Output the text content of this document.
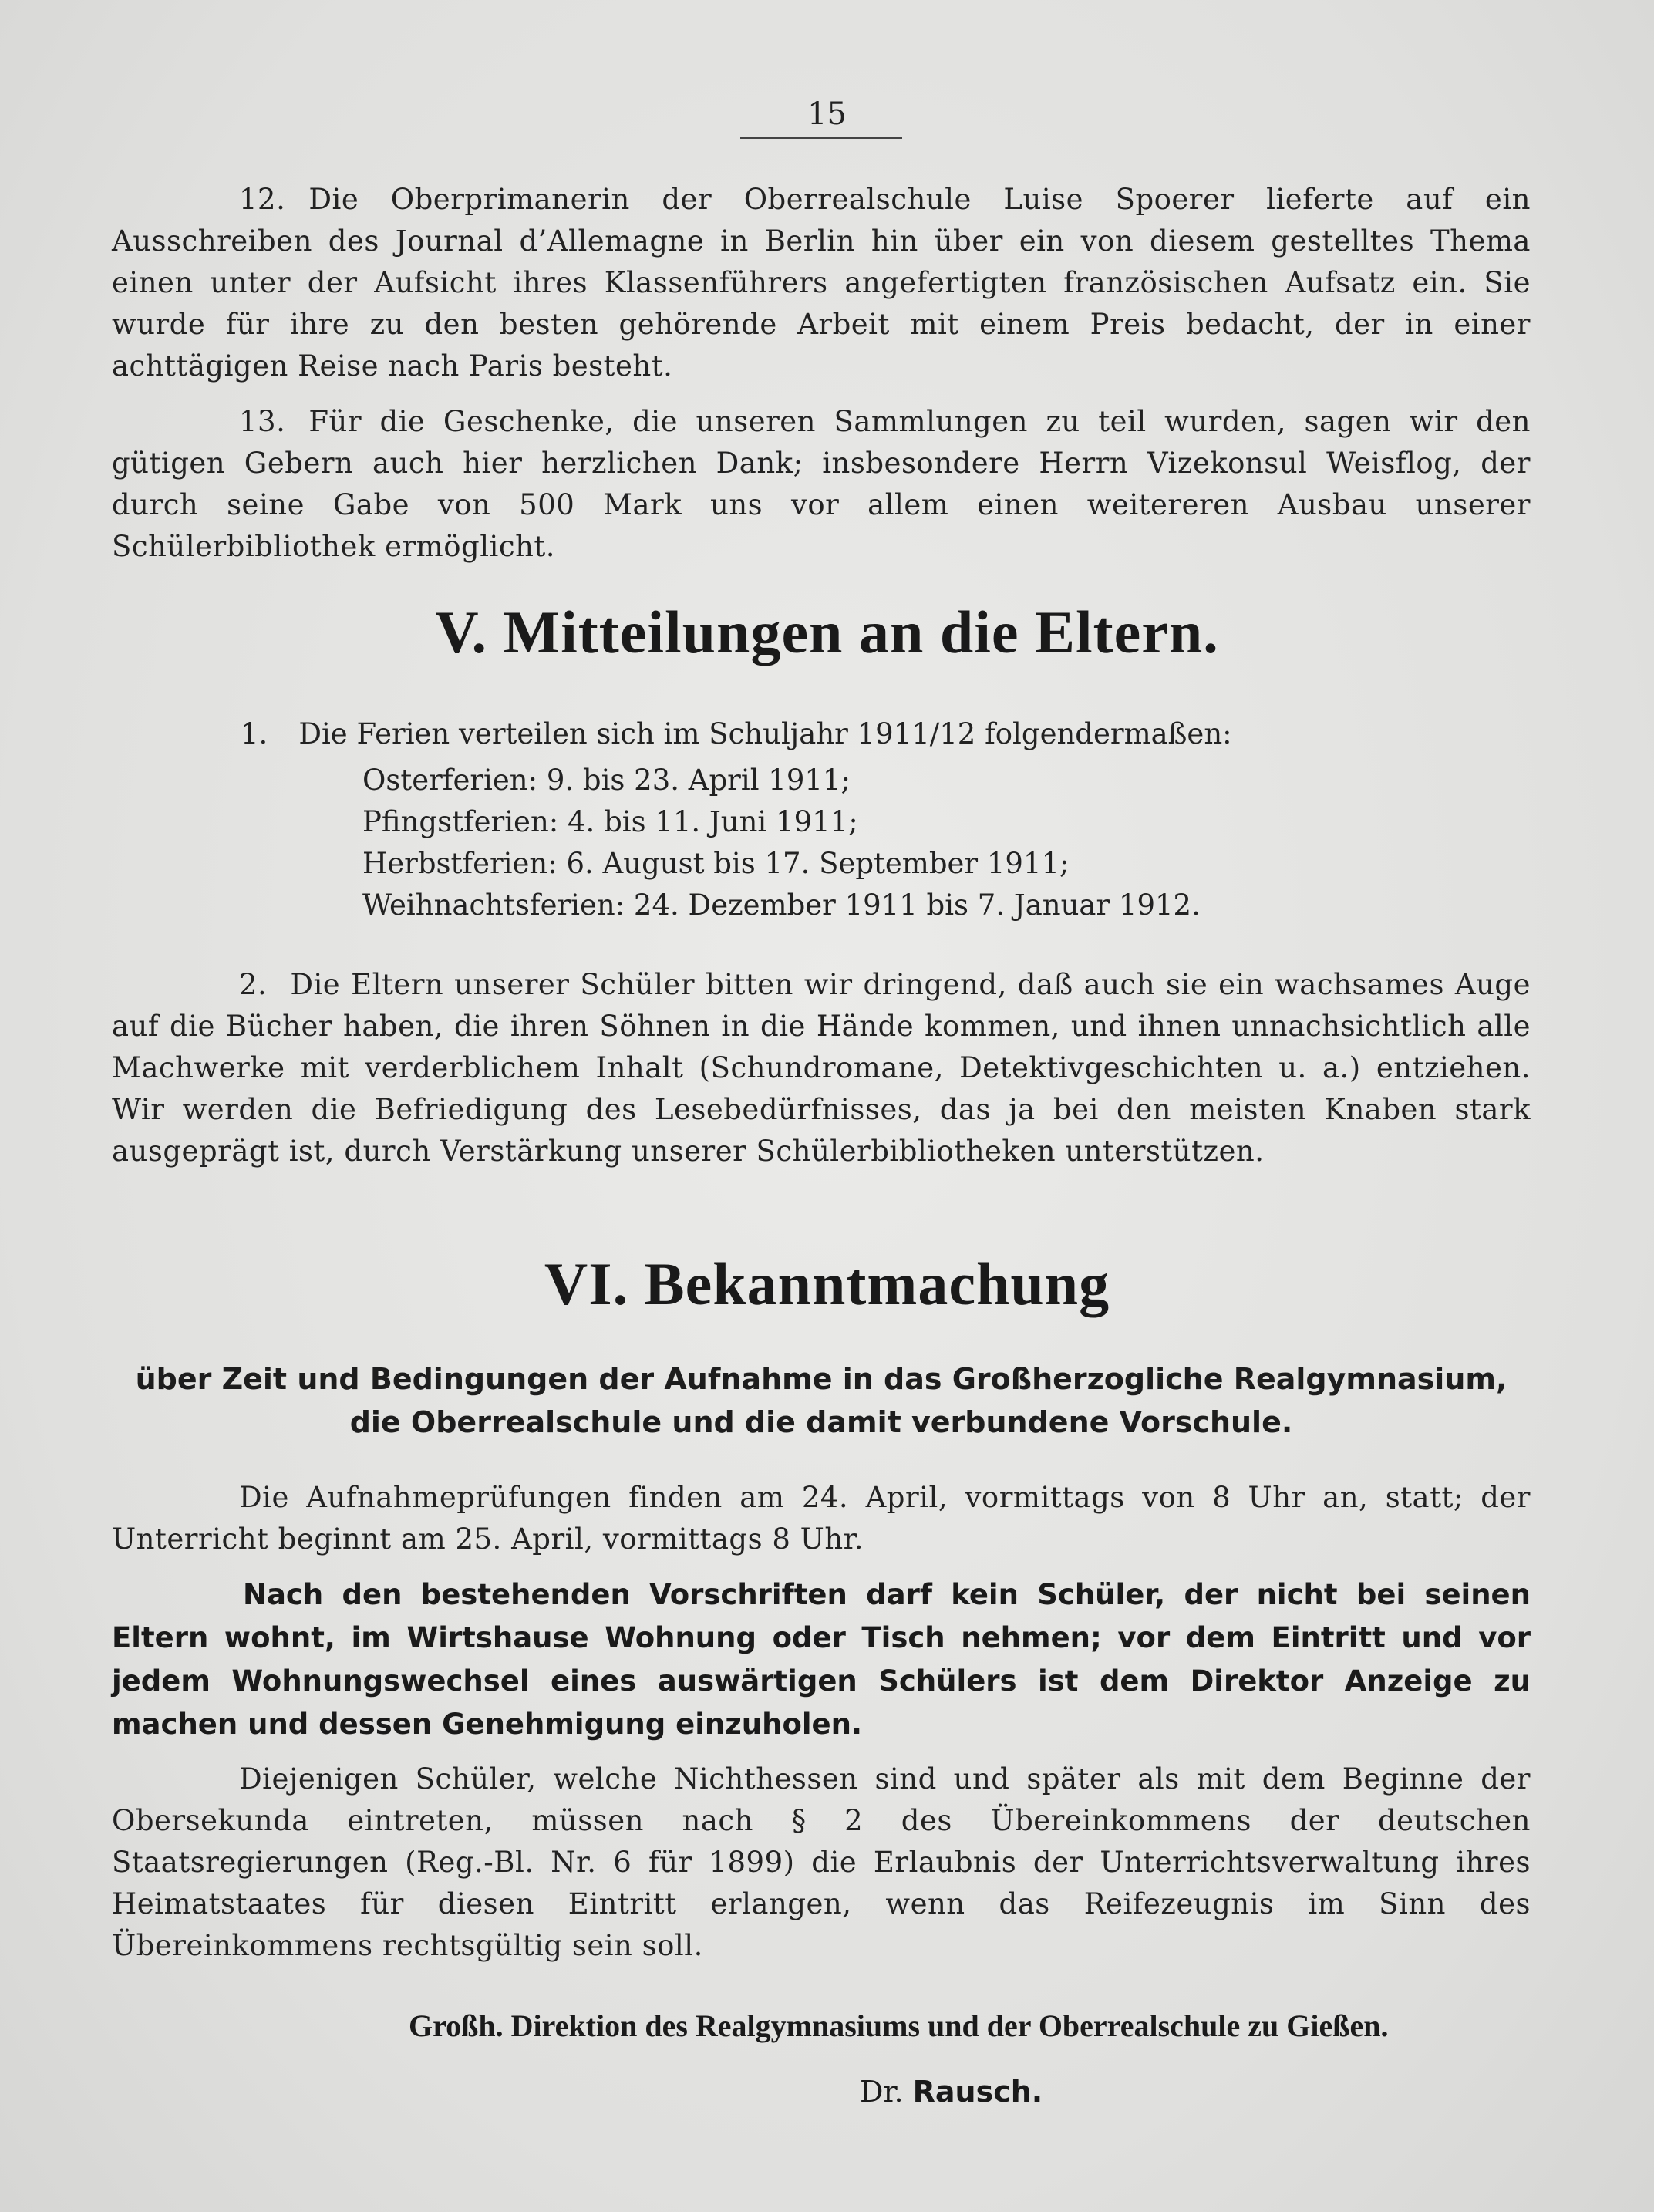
15
12. Die Oberprimanerin der Oberrealschule Luise Spoerer lieferte auf ein Ausschreiben des Journal d’Allemagne in Berlin hin über ein von diesem gestelltes Thema einen unter der Aufsicht ihres Klassenführers angefertigten französischen Aufsatz ein. Sie wurde für ihre zu den besten gehörende Arbeit mit einem Preis bedacht, der in einer achttägigen Reise nach Paris besteht.
13. Für die Geschenke, die unseren Sammlungen zu teil wurden, sagen wir den gütigen Gebern auch hier herzlichen Dank; insbesondere Herrn Vizekonsul Weisflog, der durch seine Gabe von 500 Mark uns vor allem einen weitereren Ausbau unserer Schülerbibliothek ermöglicht.
V. Mitteilungen an die Eltern.
1. Die Ferien verteilen sich im Schuljahr 1911/12 folgendermaßen:
Osterferien: 9. bis 23. April 1911;
Pfingstferien: 4. bis 11. Juni 1911;
Herbstferien: 6. August bis 17. September 1911;
Weihnachtsferien: 24. Dezember 1911 bis 7. Januar 1912.
2. Die Eltern unserer Schüler bitten wir dringend, daß auch sie ein wachsames Auge auf die Bücher haben, die ihren Söhnen in die Hände kommen, und ihnen unnachsichtlich alle Machwerke mit verderblichem Inhalt (Schundromane, Detektivgeschichten u. a.) entziehen. Wir werden die Befriedigung des Lesebedürfnisses, das ja bei den meisten Knaben stark ausgeprägt ist, durch Verstärkung unserer Schülerbibliotheken unterstützen.
VI. Bekanntmachung
über Zeit und Bedingungen der Aufnahme in das Großherzogliche Realgymnasium, die Oberrealschule und die damit verbundene Vorschule.
Die Aufnahmeprüfungen finden am 24. April, vormittags von 8 Uhr an, statt; der Unterricht beginnt am 25. April, vormittags 8 Uhr.
Nach den bestehenden Vorschriften darf kein Schüler, der nicht bei seinen Eltern wohnt, im Wirtshause Wohnung oder Tisch nehmen; vor dem Eintritt und vor jedem Wohnungswechsel eines auswärtigen Schülers ist dem Direktor Anzeige zu machen und dessen Genehmigung einzuholen.
Diejenigen Schüler, welche Nichthessen sind und später als mit dem Beginne der Obersekunda eintreten, müssen nach § 2 des Übereinkommens der deutschen Staatsregierungen (Reg.-Bl. Nr. 6 für 1899) die Erlaubnis der Unterrichtsverwaltung ihres Heimatstaates für diesen Eintritt erlangen, wenn das Reifezeugnis im Sinn des Übereinkommens rechtsgültig sein soll.
Großh. Direktion des Realgymnasiums und der Oberrealschule zu Gießen.
Dr. Rausch.
